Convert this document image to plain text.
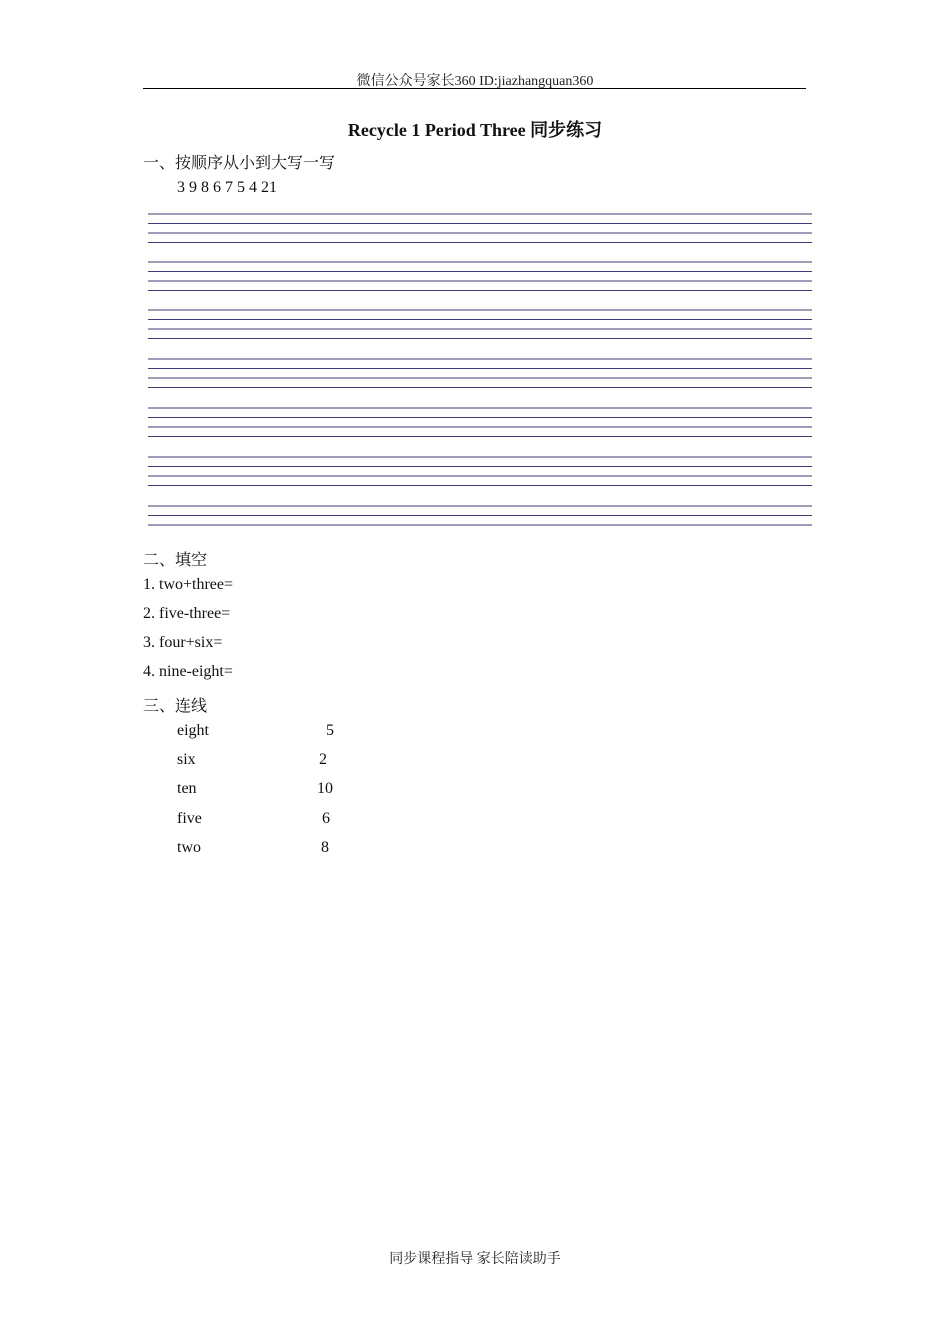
微信公众号家长360 ID:jiazhangquan360
Recycle 1 Period Three 同步练习
一、按顺序从小到大写一写
3 9 8 6 7 5 4 21
二、填空
1. two+three=
2. five-three=
3. four+six=
4. nine-eight=
三、连线
eight	5
six	2
ten	10
five	6
two	8
同步课程指导 家长陪读助手
